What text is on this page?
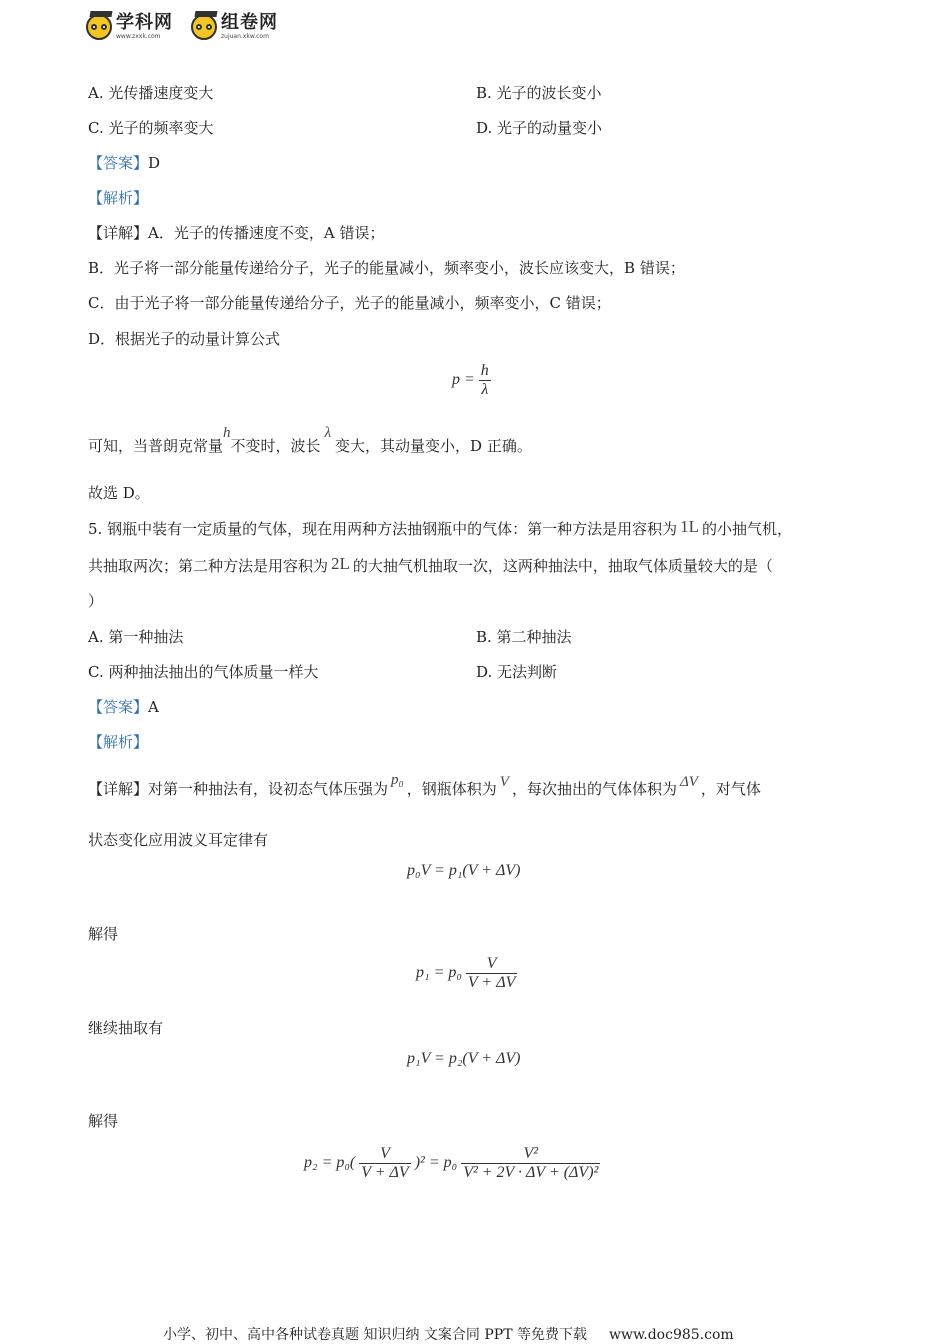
学科网
www.zxxk.com
组卷网
zujuan.xkw.com
A. 光传播速度变大	B. 光子的波长变小
C. 光子的频率变大	D. 光子的动量变小
【答案】D
【解析】
【详解】A．光子的传播速度不变，A 错误；
B．光子将一部分能量传递给分子，光子的能量减小，频率变小，波长应该变大，B 错误；
C．由于光子将一部分能量传递给分子，光子的能量减小，频率变小，C 错误；
D．根据光子的动量计算公式
$p = \frac{h}{\lambda}$
可知，当普朗克常量h不变时，波长λ变大，其动量变小，D 正确。
故选 D。
5. 钢瓶中装有一定质量的气体，现在用两种方法抽钢瓶中的气体：第一种方法是用容积为 1L 的小抽气机，
共抽取两次；第二种方法是用容积为 2L 的大抽气机抽取一次，这两种抽法中，抽取气体质量较大的是（
）
A. 第一种抽法	B. 第二种抽法
C. 两种抽法抽出的气体质量一样大	D. 无法判断
【答案】A
【解析】
【详解】对第一种抽法有，设初态气体压强为 p₀ ，钢瓶体积为 V ，每次抽出的气体体积为 ΔV ，对气体
状态变化应用波义耳定律有
p₀V = p₁(V + ΔV)
解得
$p_1 = p_0 \frac{V}{V + \Delta V}$
继续抽取有
p₁V = p₂(V + ΔV)
解得
$p_2 = p_0( \frac{V}{V + \Delta V} )^2 = p_0 \frac{\text{V²}}{\text{V² + 2V · ΔV + (ΔV)²}}$
小学、初中、高中各种试卷真题 知识归纳 文案合同 PPT 等免费下载 www.doc985.com
